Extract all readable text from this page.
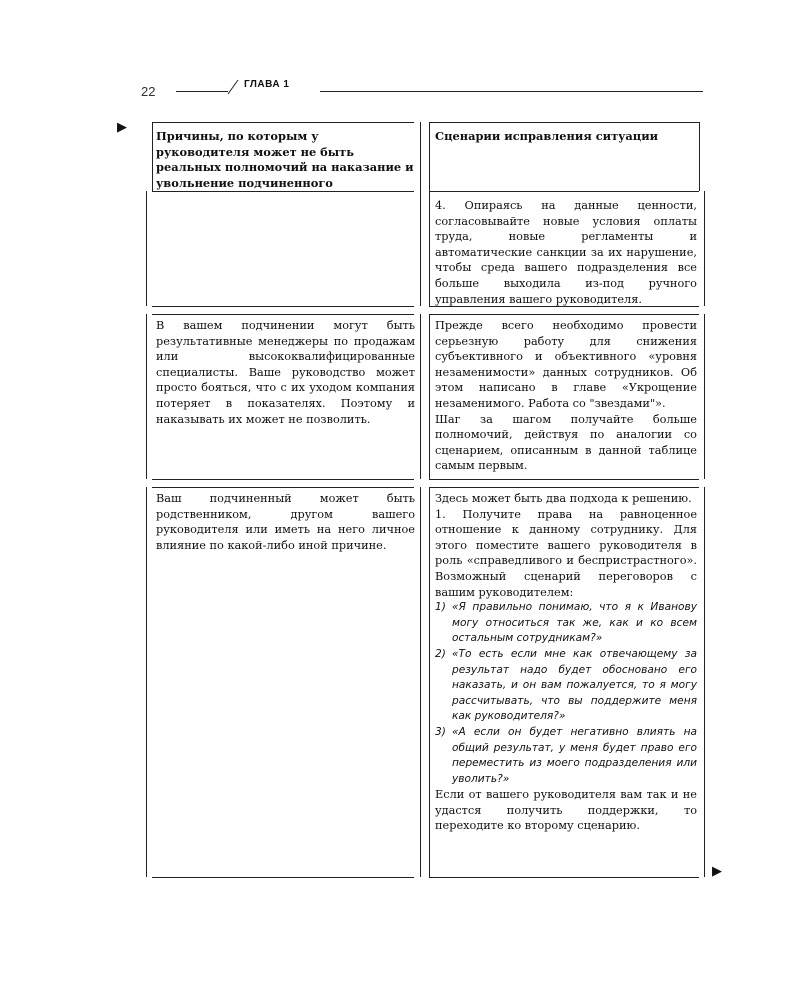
22	ГЛАВА 1
▶
▶
Причины, по которым у руководителя может не быть реальных полномочий на наказание и увольнение подчиненного
Сценарии исправления ситуации
4. Опираясь на данные ценности, согласовывайте новые условия оплаты труда, новые регламенты и автоматические санкции за их нарушение, чтобы среда вашего подразделения все больше выходила из-под ручного управления вашего руководителя.
В вашем подчинении могут быть результативные менеджеры по продажам или высококвалифицированные специалисты. Ваше руководство может просто бояться, что с их уходом компания потеряет в показателях. Поэтому и наказывать их может не позволить.

Прежде всего необходимо провести серьезную работу для снижения субъективного и объективного «уровня незаменимости» данных сотрудников. Об этом написано в главе «Укрощение незаменимого. Работа со "звездами"».

Шаг за шагом получайте больше полномочий, действуя по аналогии со сценарием, описанным в данной таблице самым первым.

Ваш подчиненный может быть родственником, другом вашего руководителя или иметь на него личное влияние по какой-либо иной причине.

Здесь может быть два подхода к решению.

1. Получите права на равноценное отношение к данному сотруднику. Для этого поместите вашего руководителя в роль «справедливого и беспристрастного». Возможный сценарий переговоров с вашим руководителем:

1) «Я правильно понимаю, что я к Иванову могу относиться так же, как и ко всем остальным сотрудникам?»
2) «То есть если мне как отвечающему за результат надо будет обосновано его наказать, и он вам пожалуется, то я могу рассчитывать, что вы поддержите меня как руководителя?»
3) «А если он будет негативно влиять на общий результат, у меня будет право его переместить из моего подразделения или уволить?»

Если от вашего руководителя вам так и не удастся получить поддержки, то переходите ко второму сценарию.
